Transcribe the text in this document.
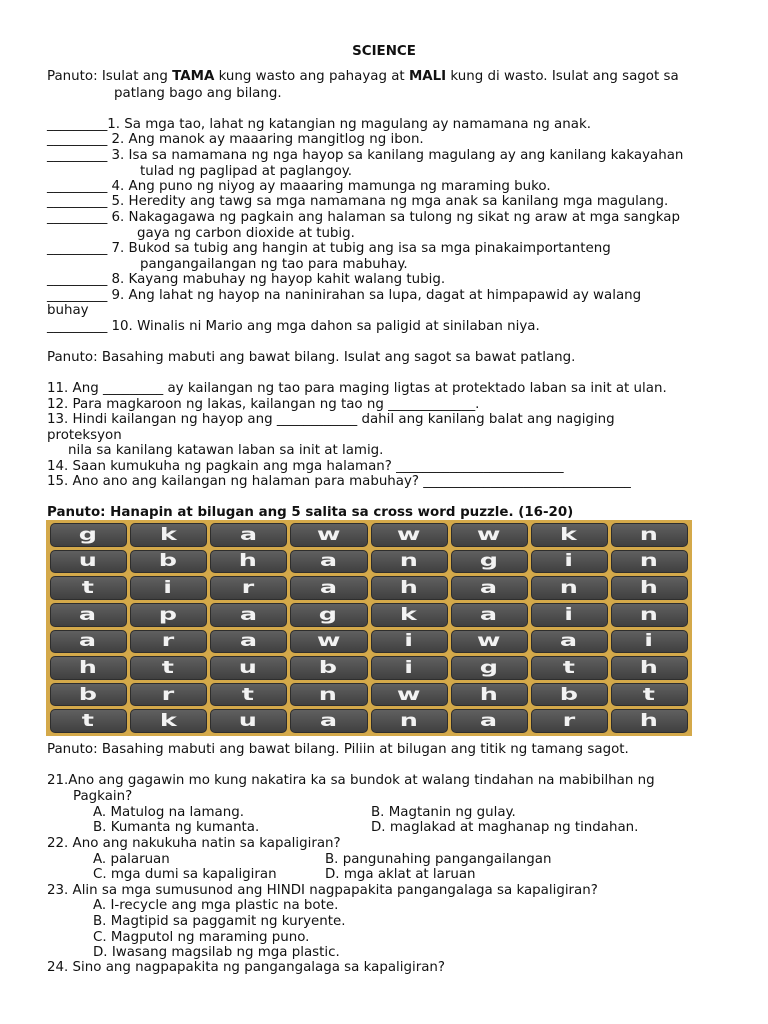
SCIENCE
Panuto: Isulat ang TAMA kung wasto ang pahayag at MALI kung di wasto. Isulat ang sagot sa
patlang bago ang bilang.
_________1. Sa mga tao, lahat ng katangian ng magulang ay namamana ng anak.
_________ 2. Ang manok ay maaaring mangitlog ng ibon.
_________ 3. Isa sa namamana ng nga hayop sa kanilang magulang ay ang kanilang kakayahan
tulad ng paglipad at paglangoy.
_________ 4. Ang puno ng niyog ay maaaring mamunga ng maraming buko.
_________ 5. Heredity ang tawg sa mga namamana ng mga anak sa kanilang mga magulang.
_________ 6. Nakagagawa ng pagkain ang halaman sa tulong ng sikat ng araw at mga sangkap
gaya ng carbon dioxide at tubig.
_________ 7. Bukod sa tubig ang hangin at tubig ang isa sa mga pinakaimportanteng
pangangailangan ng tao para mabuhay.
_________ 8. Kayang mabuhay ng hayop kahit walang tubig.
_________ 9. Ang lahat ng hayop na naninirahan sa lupa, dagat at himpapawid ay walang
buhay
_________ 10. Winalis ni Mario ang mga dahon sa paligid at sinilaban niya.
Panuto: Basahing mabuti ang bawat bilang. Isulat ang sagot sa bawat patlang.
11. Ang _________ ay kailangan ng tao para maging ligtas at protektado laban sa init at ulan.
12. Para magkaroon ng lakas, kailangan ng tao ng _____________.
13. Hindi kailangan ng hayop ang ____________ dahil ang kanilang balat ang nagiging
proteksyon
nila sa kanilang katawan laban sa init at lamig.
14. Saan kumukuha ng pagkain ang mga halaman? _________________________
15. Ano ano ang kailangan ng halaman para mabuhay? _______________________________
Panuto: Hanapin at bilugan ang 5 salita sa cross word puzzle. (16-20)
g	k	a	w	w	w	k	n
u	b	h	a	n	g	i	n
t	i	r	a	h	a	n	h
a	p	a	g	k	a	i	n
a	r	a	w	i	w	a	i
h	t	u	b	i	g	t	h
b	r	t	n	w	h	b	t
t	k	u	a	n	a	r	h
Panuto: Basahing mabuti ang bawat bilang. Piliin at bilugan ang titik ng tamang sagot.
21.Ano ang gagawin mo kung nakatira ka sa bundok at walang tindahan na mabibilhan ng
Pagkain?
A. Matulog na lamang.	B. Magtanin ng gulay.
B. Kumanta ng kumanta.	D. maglakad at maghanap ng tindahan.
22. Ano ang nakukuha natin sa kapaligiran?
A. palaruan	B. pangunahing pangangailangan
C. mga dumi sa kapaligiran	D. mga aklat at laruan
23. Alin sa mga sumusunod ang HINDI nagpapakita pangangalaga sa kapaligiran?
A. I-recycle ang mga plastic na bote.
B. Magtipid sa paggamit ng kuryente.
C. Magputol ng maraming puno.
D. Iwasang magsilab ng mga plastic.
24. Sino ang nagpapakita ng pangangalaga sa kapaligiran?
